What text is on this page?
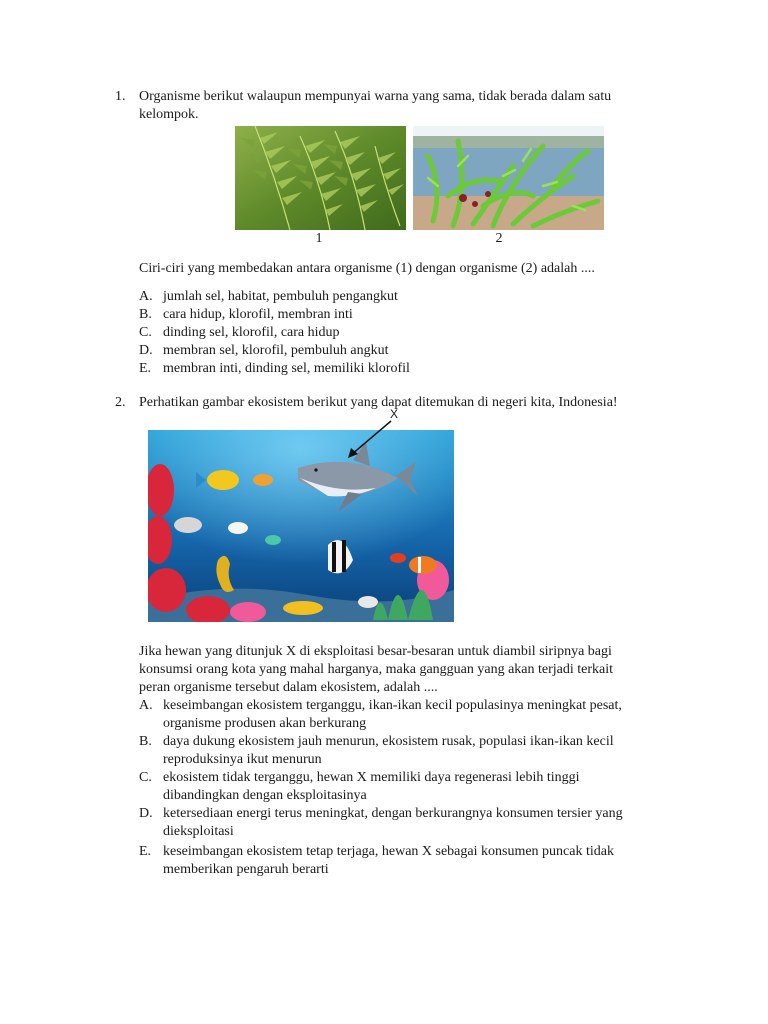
1. Organisme berikut walaupun mempunyai warna yang sama, tidak berada dalam satu
kelompok.
1	2
Ciri-ciri yang membedakan antara organisme (1) dengan organisme (2) adalah ....
A. jumlah sel, habitat, pembuluh pengangkut
B. cara hidup, klorofil, membran inti
C. dinding sel, klorofil, cara hidup
D. membran sel, klorofil, pembuluh angkut
E. membran inti, dinding sel, memiliki klorofil
2. Perhatikan gambar ekosistem berikut yang dapat ditemukan di negeri kita, Indonesia!
X
Jika hewan yang ditunjuk X di eksploitasi besar-besaran untuk diambil siripnya bagi
konsumsi orang kota yang mahal harganya, maka gangguan yang akan terjadi terkait
peran organisme tersebut dalam ekosistem, adalah ....
A. keseimbangan ekosistem terganggu, ikan-ikan kecil populasinya meningkat pesat,
organisme produsen akan berkurang
B. daya dukung ekosistem jauh menurun, ekosistem rusak, populasi ikan-ikan kecil
reproduksinya ikut menurun
C. ekosistem tidak terganggu, hewan X memiliki daya regenerasi lebih tinggi
dibandingkan dengan eksploitasinya
D. ketersediaan energi terus meningkat, dengan berkurangnya konsumen tersier yang
dieksploitasi
E. keseimbangan ekosistem tetap terjaga, hewan X sebagai konsumen puncak tidak
memberikan pengaruh berarti
